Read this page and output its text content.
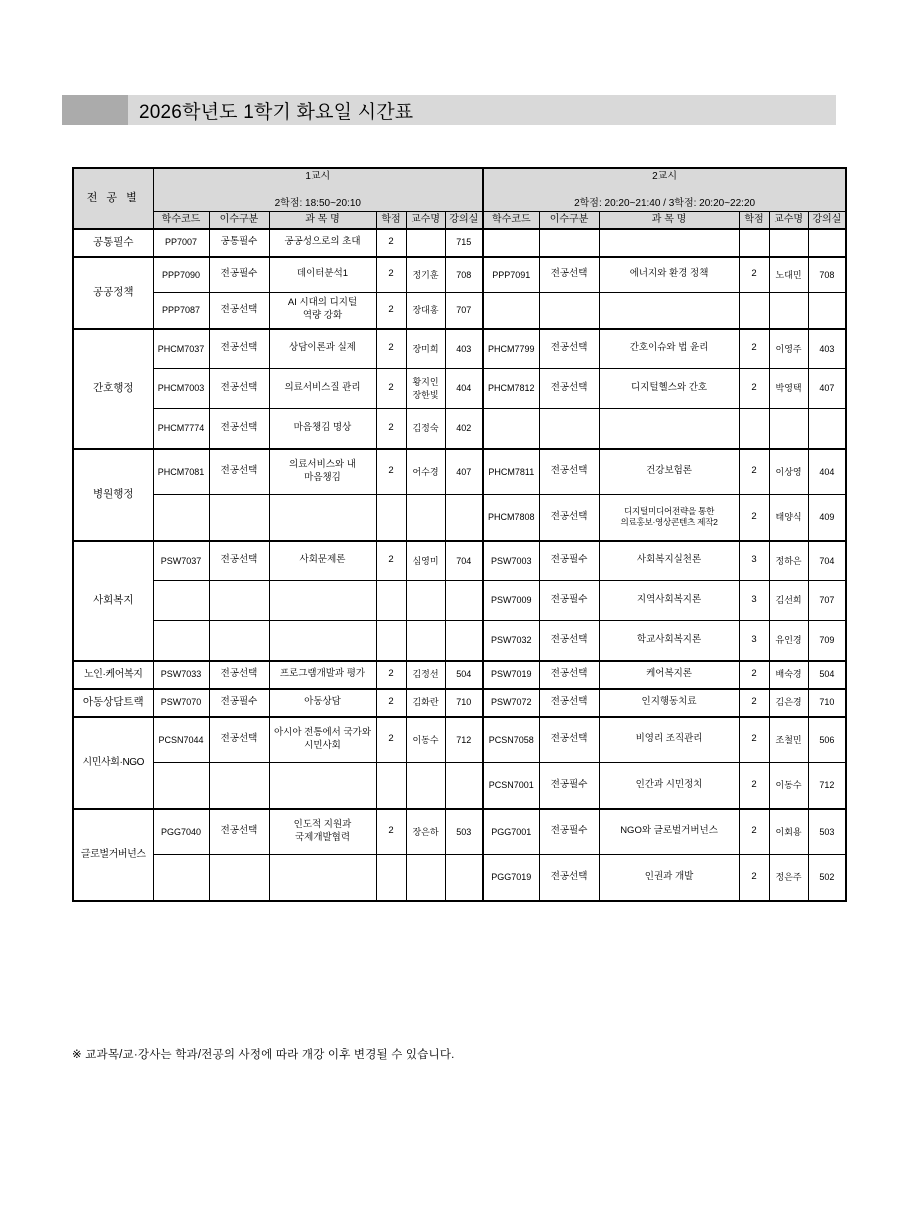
2026학년도 1학기 화요일 시간표
전 공 별	
1교시
2학점: 18:50~20:10

2교시
2학점: 20:20~21:40 / 3학점: 20:20~22:20

	학수코드	이수구분	과 목 명	학점	교수명	강의실	학수코드	이수구분	과 목 명	학점	교수명	강의실
공통필수	PP7007	공통필수	공공성으로의 초대	2		715						
공공정책	PPP7090	전공필수	데이터분석1	2	정기훈	708	PPP7091	전공선택	에너지와 환경 정책	2	노대민	708
	PPP7087	전공선택	AI 시대의 디지털
역량 강화	2	장대홍	707						
간호행정	PHCM7037	전공선택	상담이론과 실제	2	장미희	403	PHCM7799	전공선택	간호이슈와 법 윤리	2	이영주	403
	PHCM7003	전공선택	의료서비스질 관리	2	황지인
장한빛	404	PHCM7812	전공선택	디지털헬스와 간호	2	박영택	407
	PHCM7774	전공선택	마음챙김 명상	2	김정숙	402						
병원행정	PHCM7081	전공선택	의료서비스와 내
마음챙김	2	어수경	407	PHCM7811	전공선택	건강보험론	2	이상영	404
							PHCM7808	전공선택	디지털미디어전략을 통한
의료홍보·영상콘텐츠 제작2	2	태양식	409
사회복지	PSW7037	전공선택	사회문제론	2	심영미	704	PSW7003	전공필수	사회복지실천론	3	정하은	704
							PSW7009	전공필수	지역사회복지론	3	김선희	707
							PSW7032	전공선택	학교사회복지론	3	유인경	709
노인·케어복지	PSW7033	전공선택	프로그램개발과 평가	2	김정선	504	PSW7019	전공선택	케어복지론	2	배숙경	504
아동상담트랙	PSW7070	전공필수	아동상담	2	김화란	710	PSW7072	전공선택	인지행동치료	2	김은경	710
시민사회·NGO	PCSN7044	전공선택	아시아 전통에서 국가와
시민사회	2	이동수	712	PCSN7058	전공선택	비영리 조직관리	2	조철민	506
							PCSN7001	전공필수	인간과 시민정치	2	이동수	712
글로벌거버넌스	PGG7040	전공선택	인도적 지원과
국제개발협력	2	장은하	503	PGG7001	전공필수	NGO와 글로벌거버넌스	2	이회용	503
							PGG7019	전공선택	인권과 개발	2	정은주	502
※ 교과목/교·강사는 학과/전공의 사정에 따라 개강 이후 변경될 수 있습니다.
